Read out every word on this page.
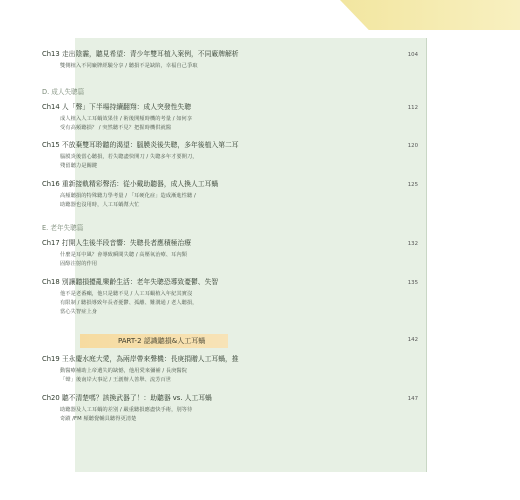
Ch13 走出陰霾，聽見希望：青少年雙耳植入案例，不同廠牌解析
雙側植入不同廠牌經驗分享 / 聽損不是缺陷，幸福自己爭取
104
D. 成人失聰篇
Ch14 人「聲」下半場持續翻翔：成人突發性失聰
成人植入人工耳蝸效果佳 / 術後開頻時機的考量 / 如何享
受有高頻聽損？ / 突然聽不見？把握時機供就醫
112
Ch15 不放棄雙耳聆聽的渴望：腦膜炎後失聰，多年後植入第二耳
腦膜炎後當心聽損，若失聰盡快開刀 / 失聰多年才要開刀，
殘留聽力是關鍵
120
Ch16 重新接軌精彩聲活：從小戴助聽器，成人換人工耳蝸
高頻聽損的特殊聽力學考量 / 「耳硬化症」造成漸進性聽 /
助聽器也沒用時，人工耳蝸幫大忙
125
E. 老年失聰篇
Ch17 打開人生後半段音響：失聰長者應積極治療
什麼是耳中風？會導致瞬間失聰 / 高壓氧治療、耳內類
固醇注射的作用
132
Ch18 別讓聽損擾亂樂齡生活：老年失聰恐導致憂鬱、失智
他不是老番癲，他只是聽不見 / 人工耳蝸植入年紀其實沒
有限制 / 聽損導致年長者憂鬱、孤離、難溝通 / 老人聽損，
當心失智症上身
135
PART-2 認識聽損&人工耳蝸	142
Ch19 王永慶水庭大愛，為兩岸帶來聲機：長庚捐贈人工耳蝸，推
動醫療補助上帝遺失的缺憾，他用愛來彌補 / 長庚醫院
「聲」後南岸大事記 / 王創辦人善舉、流芳百世
Ch20 聽不清楚嗎？該換武器了！：助聽器 vs. 人工耳蝸
助聽器及人工耳蝸的差別 / 嚴重聽損應盡快手術，別等待
奇蹟 /FM 頻聽覺輔具聽得更清楚
147
